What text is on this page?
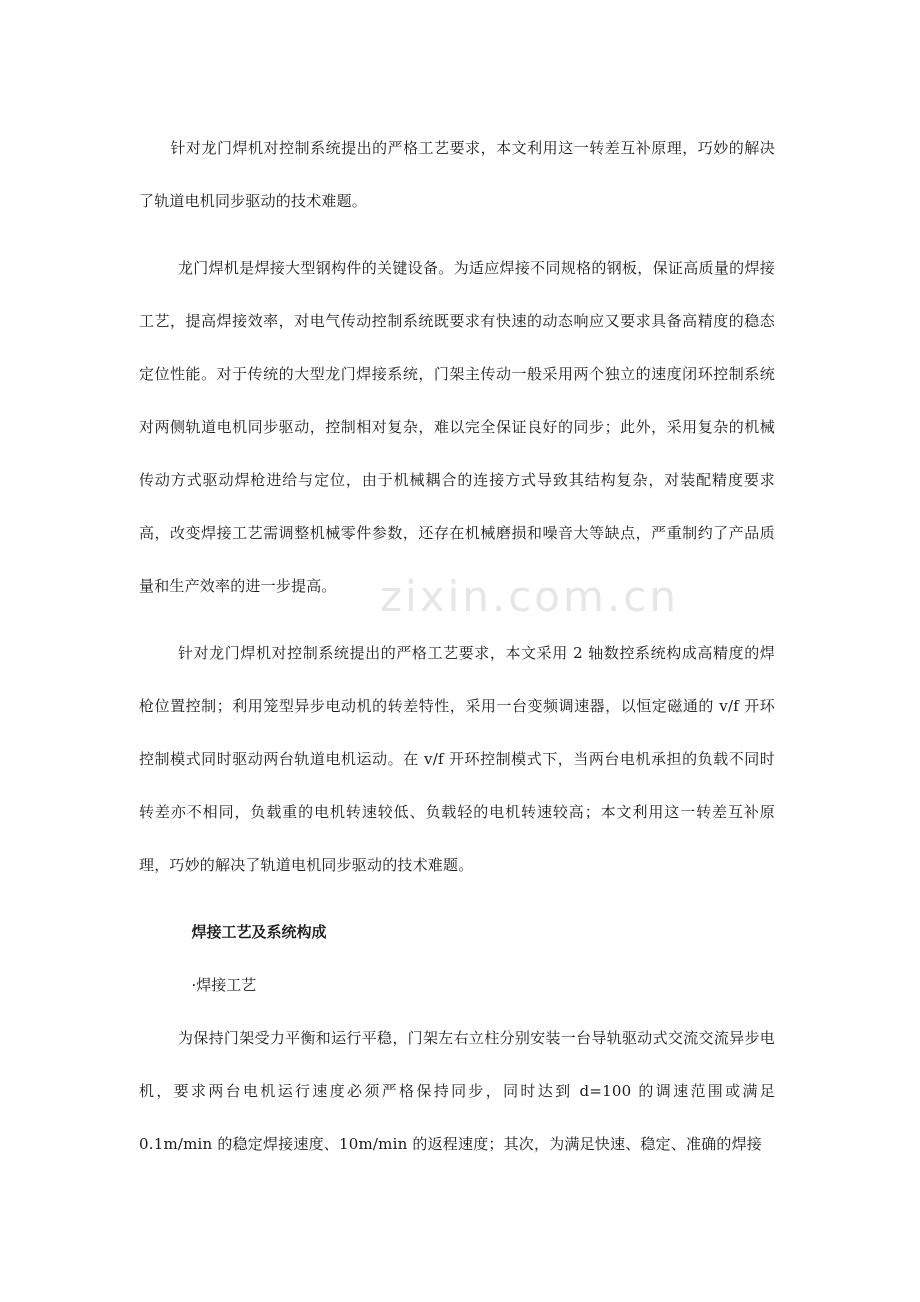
针对龙门焊机对控制系统提出的严格工艺要求，本文利用这一转差互补原理，巧妙的解决了轨道电机同步驱动的技术难题。

龙门焊机是焊接大型钢构件的关键设备。为适应焊接不同规格的钢板，保证高质量的焊接工艺，提高焊接效率，对电气传动控制系统既要求有快速的动态响应又要求具备高精度的稳态定位性能。对于传统的大型龙门焊接系统，门架主传动一般采用两个独立的速度闭环控制系统对两侧轨道电机同步驱动，控制相对复杂，难以完全保证良好的同步；此外，采用复杂的机械传动方式驱动焊枪进给与定位，由于机械耦合的连接方式导致其结构复杂，对装配精度要求高，改变焊接工艺需调整机械零件参数，还存在机械磨损和噪音大等缺点，严重制约了产品质量和生产效率的进一步提高。

针对龙门焊机对控制系统提出的严格工艺要求，本文采用 2 轴数控系统构成高精度的焊枪位置控制；利用笼型异步电动机的转差特性，采用一台变频调速器，以恒定磁通的 v/f 开环控制模式同时驱动两台轨道电机运动。在 v/f 开环控制模式下，当两台电机承担的负载不同时转差亦不相同，负载重的电机转速较低、负载轻的电机转速较高；本文利用这一转差互补原理，巧妙的解决了轨道电机同步驱动的技术难题。

焊接工艺及系统构成

·焊接工艺

为保持门架受力平衡和运行平稳，门架左右立柱分别安装一台导轨驱动式交流交流异步电机，要求两台电机运行速度必须严格保持同步，同时达到 d=100 的调速范围或满足 0.1m/min 的稳定焊接速度、10m/min 的返程速度；其次，为满足快速、稳定、准确的焊接

zixin.com.cn
